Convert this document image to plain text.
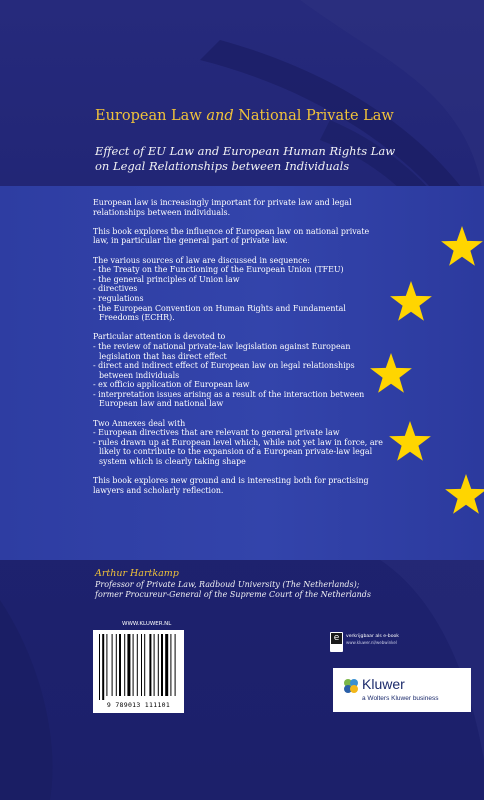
European Law and National Private Law
Effect of EU Law and European Human Rights Law
on Legal Relationships between Individuals

European law is increasingly important for private law and legal relationships between individuals.

This book explores the influence of European law on national private law, in particular the general part of private law.

The various sources of law are discussed in sequence:
- the Treaty on the Functioning of the European Union (TFEU)
- the general principles of Union law
- directives
- regulations
- the European Convention on Human Rights and Fundamental Freedoms (ECHR).
Particular attention is devoted to
- the review of national private-law legislation against European legislation that has direct effect
- direct and indirect effect of European law on legal relationships between individuals
- ex officio application of European law
- interpretation issues arising as a result of the interaction between European law and national law
Two Annexes deal with
- European directives that are relevant to general private law
- rules drawn up at European level which, while not yet law in force, are likely to contribute to the expansion of a European private-law legal system which is clearly taking shape

This book explores new ground and is interesting both for practising lawyers and scholarly reflection.

Arthur Hartkamp
Professor of Private Law, Radboud University (The Netherlands);
former Procureur-General of the Supreme Court of the Netherlands
WWW.KLUWER.NL
9 789013 111101
e	verkrijgbaar als e-book
www.kluwer.nl/webwinkel
Kluwer
a Wolters Kluwer business
